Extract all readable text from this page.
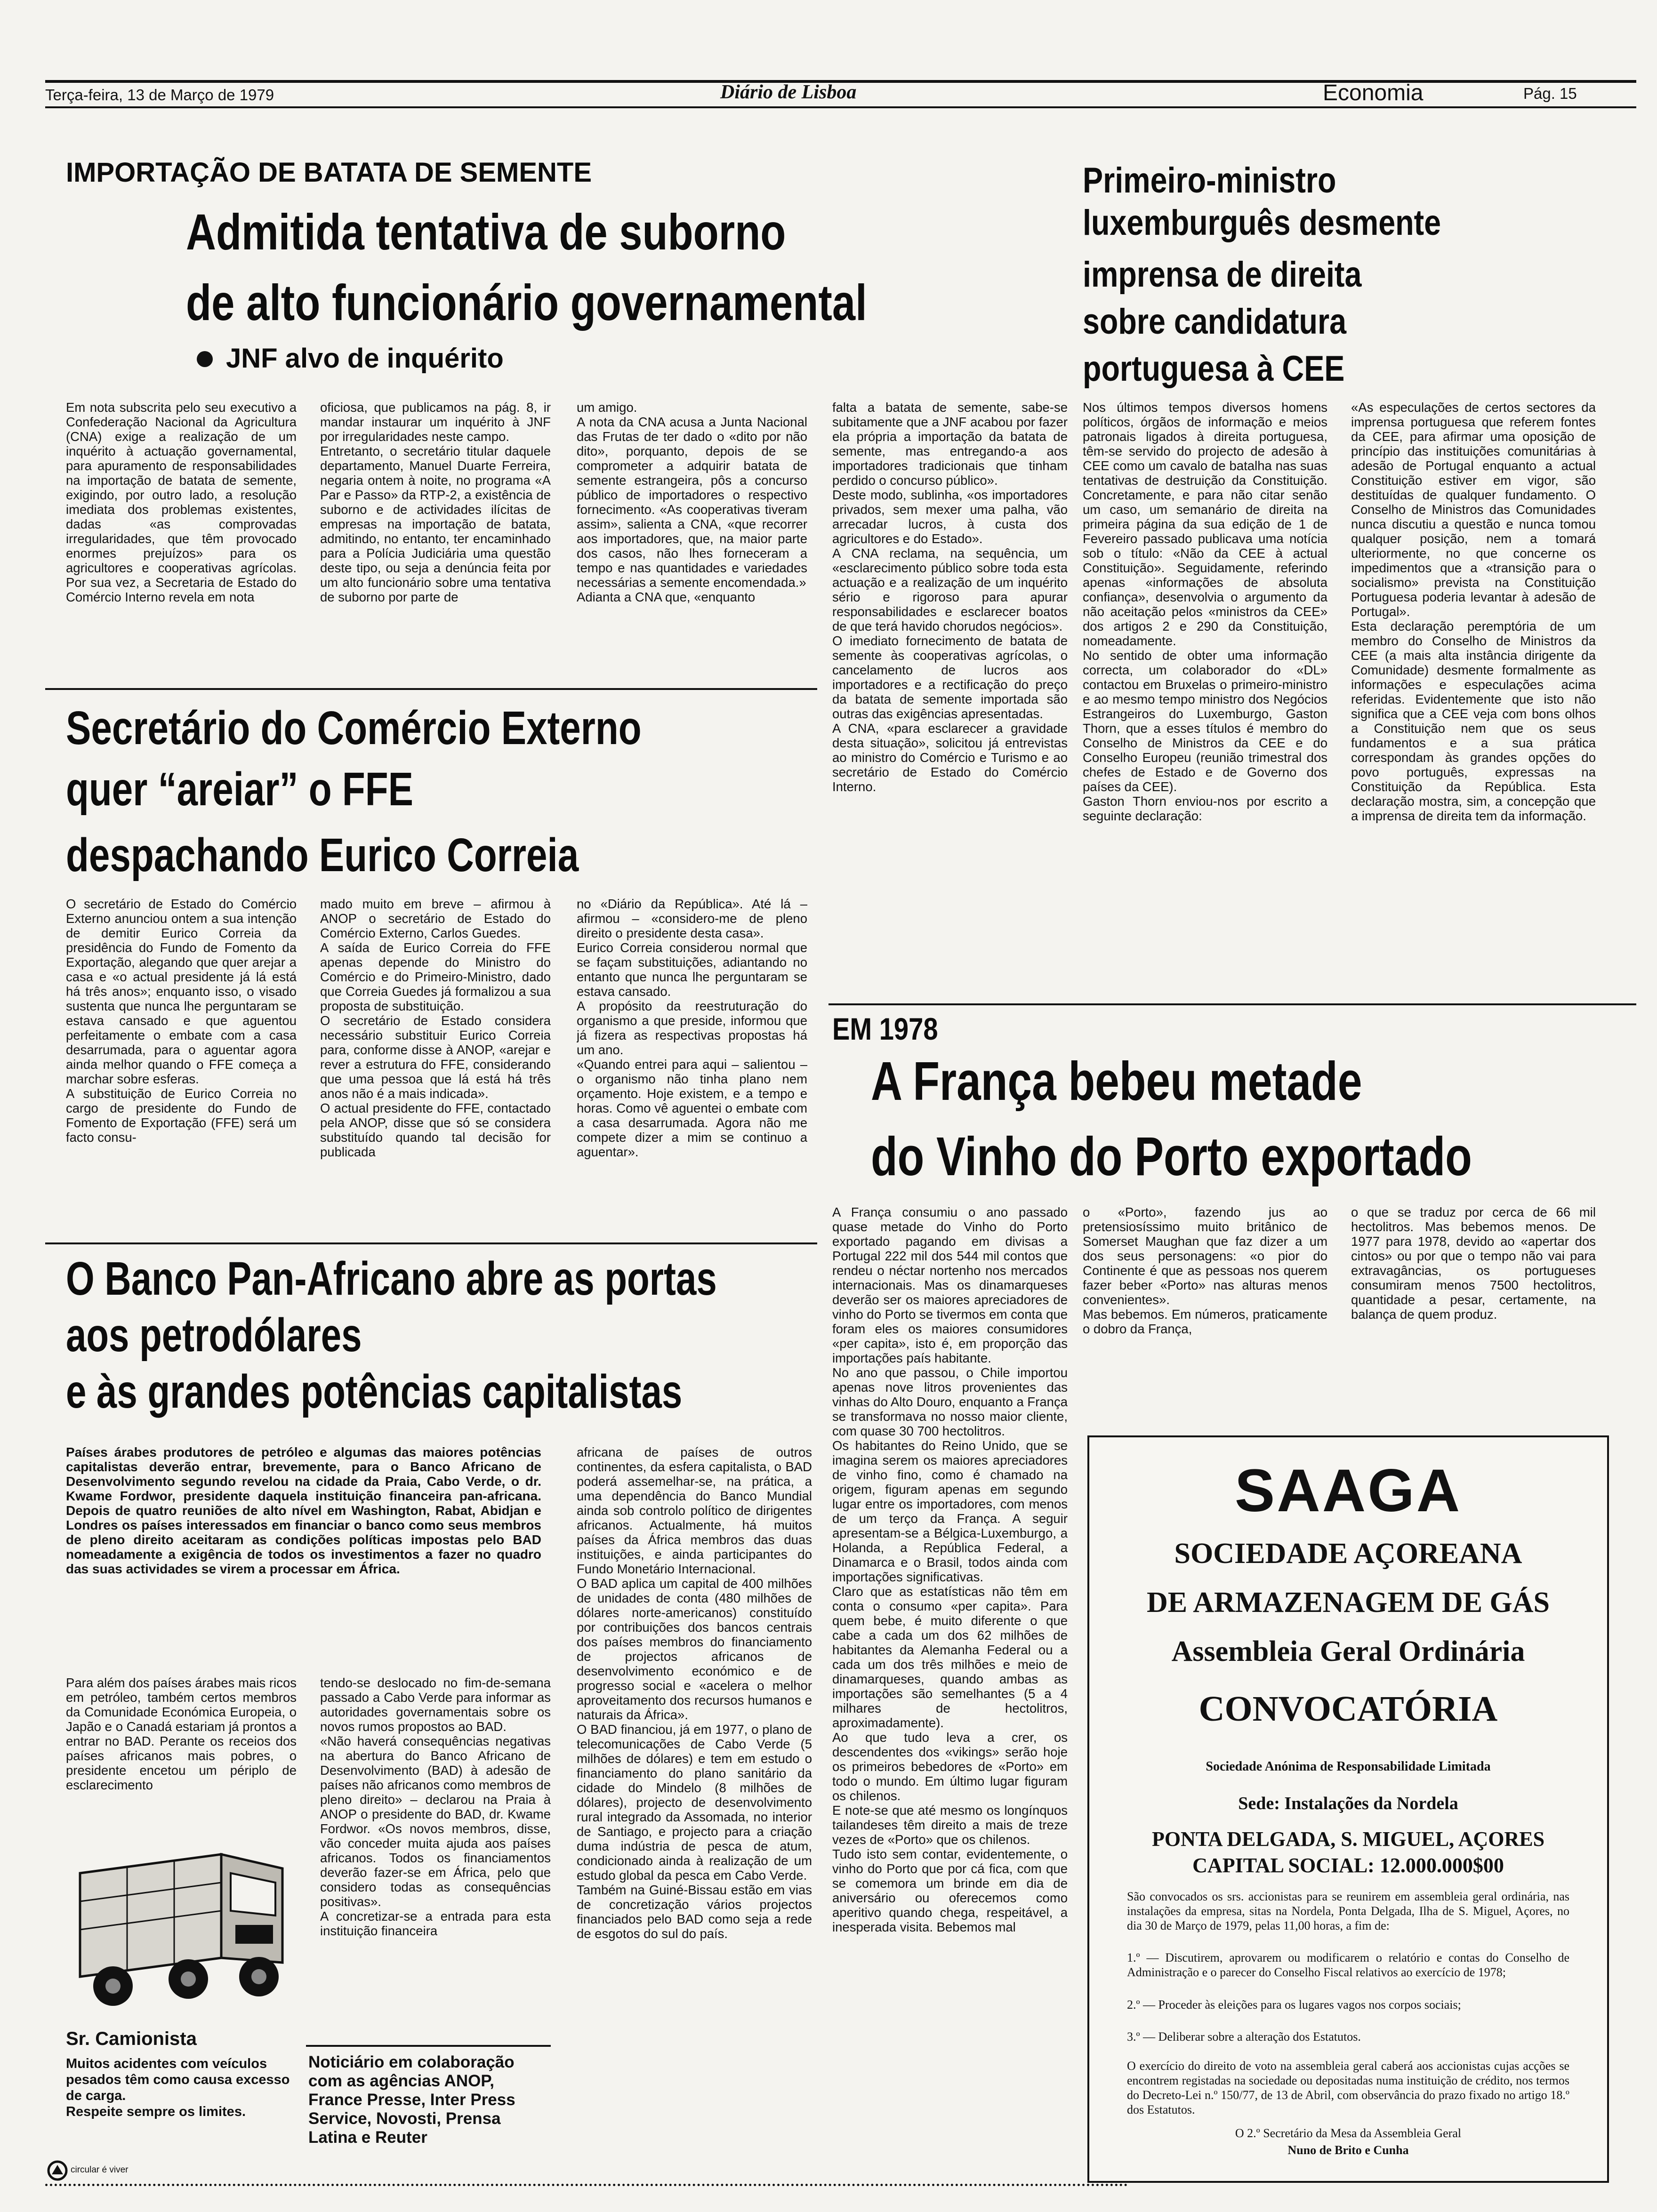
Terça-feira, 13 de Março de 1979	Diário de Lisboa	Economia	Pág. 15
IMPORTAÇÃO DE BATATA DE SEMENTE
Admitida tentativa de suborno
de alto funcionário governamental
JNF alvo de inquérito

Em nota subscrita pelo seu executivo a Confederação Nacional da Agricultura (CNA) exige a realização de um inquérito à actuação governamental, para apuramento de responsabilidades na importação de batata de semente, exigindo, por outro lado, a resolução imediata dos problemas existentes, dadas «as comprovadas irregularidades, que têm provocado enormes prejuízos» para os agricultores e cooperativas agrícolas. Por sua vez, a Secretaria de Estado do Comércio Interno revela em nota

oficiosa, que publicamos na pág. 8, ir mandar instaurar um inquérito à JNF por irregularidades neste campo.
Entretanto, o secretário titular daquele departamento, Manuel Duarte Ferreira, negaria ontem à noite, no programa «A Par e Passo» da RTP-2, a existência de suborno e de actividades ilícitas de empresas na importação de batata, admitindo, no entanto, ter encaminhado para a Polícia Judiciária uma questão deste tipo, ou seja a denúncia feita por um alto funcionário sobre uma tentativa de suborno por parte de

um amigo.
A nota da CNA acusa a Junta Nacional das Frutas de ter dado o «dito por não dito», porquanto, depois de se comprometer a adquirir batata de semente estrangeira, pôs a concurso público de importadores o respectivo fornecimento. «As cooperativas tiveram assim», salienta a CNA, «que recorrer aos importadores, que, na maior parte dos casos, não lhes forneceram a tempo e nas quantidades e variedades necessárias a semente encomendada.»
Adianta a CNA que, «enquanto

falta a batata de semente, sabe-se subitamente que a JNF acabou por fazer ela própria a importação da batata de semente, mas entregando-a aos importadores tradicionais que tinham perdido o concurso público».
Deste modo, sublinha, «os importadores privados, sem mexer uma palha, vão arrecadar lucros, à custa dos agricultores e do Estado».
A CNA reclama, na sequência, um «esclarecimento público sobre toda esta actuação e a realização de um inquérito sério e rigoroso para apurar responsabilidades e esclarecer boatos de que terá havido chorudos negócios».
O imediato fornecimento de batata de semente às cooperativas agrícolas, o cancelamento de lucros aos importadores e a rectificação do preço da batata de semente importada são outras das exigências apresentadas.
A CNA, «para esclarecer a gravidade desta situação», solicitou já entrevistas ao ministro do Comércio e Turismo e ao secretário de Estado do Comércio Interno.

Primeiro-ministro
luxemburguês desmente
imprensa de direita
sobre candidatura
portuguesa à CEE

Nos últimos tempos diversos homens políticos, órgãos de informação e meios patronais ligados à direita portuguesa, têm-se servido do projecto de adesão à CEE como um cavalo de batalha nas suas tentativas de destruição da Constituição. Concretamente, e para não citar senão um caso, um semanário de direita na primeira página da sua edição de 1 de Fevereiro passado publicava uma notícia sob o título: «Não da CEE à actual Constituição». Seguidamente, referindo apenas «informações de absoluta confiança», desenvolvia o argumento da não aceitação pelos «ministros da CEE» dos artigos 2 e 290 da Constituição, nomeadamente.
No sentido de obter uma informação correcta, um colaborador do «DL» contactou em Bruxelas o primeiro-ministro e ao mesmo tempo ministro dos Negócios Estrangeiros do Luxemburgo, Gaston Thorn, que a esses títulos é membro do Conselho de Ministros da CEE e do Conselho Europeu (reunião trimestral dos chefes de Estado e de Governo dos países da CEE).
Gaston Thorn enviou-nos por escrito a seguinte declaração:

«As especulações de certos sectores da imprensa portuguesa que referem fontes da CEE, para afirmar uma oposição de princípio das instituições comunitárias à adesão de Portugal enquanto a actual Constituição estiver em vigor, são destituídas de qualquer fundamento. O Conselho de Ministros das Comunidades nunca discutiu a questão e nunca tomou qualquer posição, nem a tomará ulteriormente, no que concerne os impedimentos que a «transição para o socialismo» prevista na Constituição Portuguesa poderia levantar à adesão de Portugal».
Esta declaração peremptória de um membro do Conselho de Ministros da CEE (a mais alta instância dirigente da Comunidade) desmente formalmente as informações e especulações acima referidas. Evidentemente que isto não significa que a CEE veja com bons olhos a Constituição nem que os seus fundamentos e a sua prática correspondam às grandes opções do povo português, expressas na Constituição da República. Esta declaração mostra, sim, a concepção que a imprensa de direita tem da informação.

Secretário do Comércio Externo
quer “areiar” o FFE
despachando Eurico Correia

O secretário de Estado do Comércio Externo anunciou ontem a sua intenção de demitir Eurico Correia da presidência do Fundo de Fomento da Exportação, alegando que quer arejar a casa e «o actual presidente já lá está há três anos»; enquanto isso, o visado sustenta que nunca lhe perguntaram se estava cansado e que aguentou perfeitamente o embate com a casa desarrumada, para o aguentar agora ainda melhor quando o FFE começa a marchar sobre esferas.
A substituição de Eurico Correia no cargo de presidente do Fundo de Fomento de Exportação (FFE) será um facto consu-

mado muito em breve – afirmou à ANOP o secretário de Estado do Comércio Externo, Carlos Guedes.
A saída de Eurico Correia do FFE apenas depende do Ministro do Comércio e do Primeiro-Ministro, dado que Correia Guedes já formalizou a sua proposta de substituição.
O secretário de Estado considera necessário substituir Eurico Correia para, conforme disse à ANOP, «arejar e rever a estrutura do FFE, considerando que uma pessoa que lá está há três anos não é a mais indicada».
O actual presidente do FFE, contactado pela ANOP, disse que só se considera substituído quando tal decisão for publicada

no «Diário da República». Até lá – afirmou – «considero-me de pleno direito o presidente desta casa».
Eurico Correia considerou normal que se façam substituições, adiantando no entanto que nunca lhe perguntaram se estava cansado.
A propósito da reestruturação do organismo a que preside, informou que já fizera as respectivas propostas há um ano.
«Quando entrei para aqui – salientou – o organismo não tinha plano nem orçamento. Hoje existem, e a tempo e horas. Como vê aguentei o embate com a casa desarrumada. Agora não me compete dizer a mim se continuo a aguentar».

EM 1978
A França bebeu metade
do Vinho do Porto exportado

A França consumiu o ano passado quase metade do Vinho do Porto exportado pagando em divisas a Portugal 222 mil dos 544 mil contos que rendeu o néctar nortenho nos mercados internacionais. Mas os dinamarqueses deverão ser os maiores apreciadores de vinho do Porto se tivermos em conta que foram eles os maiores consumidores «per capita», isto é, em proporção das importações país habitante.
No ano que passou, o Chile importou apenas nove litros provenientes das vinhas do Alto Douro, enquanto a França se transformava no nosso maior cliente, com quase 30 700 hectolitros.
Os habitantes do Reino Unido, que se imagina serem os maiores apreciadores de vinho fino, como é chamado na origem, figuram apenas em segundo lugar entre os importadores, com menos de um terço da França. A seguir apresentam-se a Bélgica-Luxemburgo, a Holanda, a República Federal, a Dinamarca e o Brasil, todos ainda com importações significativas.
Claro que as estatísticas não têm em conta o consumo «per capita». Para quem bebe, é muito diferente o que cabe a cada um dos 62 milhões de habitantes da Alemanha Federal ou a cada um dos três milhões e meio de dinamarqueses, quando ambas as importações são semelhantes (5 a 4 milhares de hectolitros, aproximadamente).
Ao que tudo leva a crer, os descendentes dos «vikings» serão hoje os primeiros bebedores de «Porto» em todo o mundo. Em último lugar figuram os chilenos.
E note-se que até mesmo os longínquos tailandeses têm direito a mais de treze vezes de «Porto» que os chilenos.
Tudo isto sem contar, evidentemente, o vinho do Porto que por cá fica, com que se comemora um brinde em dia de aniversário ou oferecemos como aperitivo quando chega, respeitável, a inesperada visita. Bebemos mal

o «Porto», fazendo jus ao pretensiosíssimo muito britânico de Somerset Maughan que faz dizer a um dos seus personagens: «o pior do Continente é que as pessoas nos querem fazer beber «Porto» nas alturas menos convenientes».
Mas bebemos. Em números, praticamente o dobro da França,

o que se traduz por cerca de 66 mil hectolitros. Mas bebemos menos. De 1977 para 1978, devido ao «apertar dos cintos» ou por que o tempo não vai para extravagâncias, os portugueses consumiram menos 7500 hectolitros, quantidade a pesar, certamente, na balança de quem produz.

O Banco Pan-Africano abre as portas
aos petrodólares
e às grandes potências capitalistas

Países árabes produtores de petróleo e algumas das maiores potências capitalistas deverão entrar, brevemente, para o Banco Africano de Desenvolvimento segundo revelou na cidade da Praia, Cabo Verde, o dr. Kwame Fordwor, presidente daquela instituição financeira pan-africana. Depois de quatro reuniões de alto nível em Washington, Rabat, Abidjan e Londres os países interessados em financiar o banco como seus membros de pleno direito aceitaram as condições políticas impostas pelo BAD nomeadamente a exigência de todos os investimentos a fazer no quadro das suas actividades se virem a processar em África.

Para além dos países árabes mais ricos em petróleo, também certos membros da Comunidade Económica Europeia, o Japão e o Canadá estariam já prontos a entrar no BAD. Perante os receios dos países africanos mais pobres, o presidente encetou um périplo de esclarecimento

tendo-se deslocado no fim-de-semana passado a Cabo Verde para informar as autoridades governamentais sobre os novos rumos propostos ao BAD.
«Não haverá consequências negativas na abertura do Banco Africano de Desenvolvimento (BAD) à adesão de países não africanos como membros de pleno direito» – declarou na Praia à ANOP o presidente do BAD, dr. Kwame Fordwor. «Os novos membros, disse, vão conceder muita ajuda aos países africanos. Todos os financiamentos deverão fazer-se em África, pelo que considero todas as consequências positivas».
A concretizar-se a entrada para esta instituição financeira

africana de países de outros continentes, da esfera capitalista, o BAD poderá assemelhar-se, na prática, a uma dependência do Banco Mundial ainda sob controlo político de dirigentes africanos. Actualmente, há muitos países da África membros das duas instituições, e ainda participantes do Fundo Monetário Internacional.
O BAD aplica um capital de 400 milhões de unidades de conta (480 milhões de dólares norte-americanos) constituído por contribuições dos bancos centrais dos países membros do financiamento de projectos africanos de desenvolvimento económico e de progresso social e «acelera o melhor aproveitamento dos recursos humanos e naturais da África».
O BAD financiou, já em 1977, o plano de telecomunicações de Cabo Verde (5 milhões de dólares) e tem em estudo o financiamento do plano sanitário da cidade do Mindelo (8 milhões de dólares), projecto de desenvolvimento rural integrado da Assomada, no interior de Santiago, e projecto para a criação duma indústria de pesca de atum, condicionado ainda à realização de um estudo global da pesca em Cabo Verde.
Também na Guiné-Bissau estão em vias de concretização vários projectos financiados pelo BAD como seja a rede de esgotos do sul do país.

Sr. Camionista

Muitos acidentes com veículos pesados têm como causa excesso de carga.
Respeite sempre os limites.

circular é viver

Noticiário em colaboração com as agências ANOP, France Presse, Inter Press Service, Novosti, Prensa Latina e Reuter

SAAGA
SOCIEDADE AÇOREANA
DE ARMAZENAGEM DE GÁS
Assembleia Geral Ordinária
CONVOCATÓRIA
Sociedade Anónima de Responsabilidade Limitada
Sede: Instalações da Nordela
PONTA DELGADA, S. MIGUEL, AÇORES
CAPITAL SOCIAL: 12.000.000$00
São convocados os srs. accionistas para se reunirem em assembleia geral ordinária, nas instalações da empresa, sitas na Nordela, Ponta Delgada, Ilha de S. Miguel, Açores, no dia 30 de Março de 1979, pelas 11,00 horas, a fim de:
1.º — Discutirem, aprovarem ou modificarem o relatório e contas do Conselho de Administração e o parecer do Conselho Fiscal relativos ao exercício de 1978;
2.º — Proceder às eleições para os lugares vagos nos corpos sociais;
3.º — Deliberar sobre a alteração dos Estatutos.
O exercício do direito de voto na assembleia geral caberá aos accionistas cujas acções se encontrem registadas na sociedade ou depositadas numa instituição de crédito, nos termos do Decreto-Lei n.º 150/77, de 13 de Abril, com observância do prazo fixado no artigo 18.º dos Estatutos.
O 2.º Secretário da Mesa da Assembleia Geral
Nuno de Brito e Cunha
